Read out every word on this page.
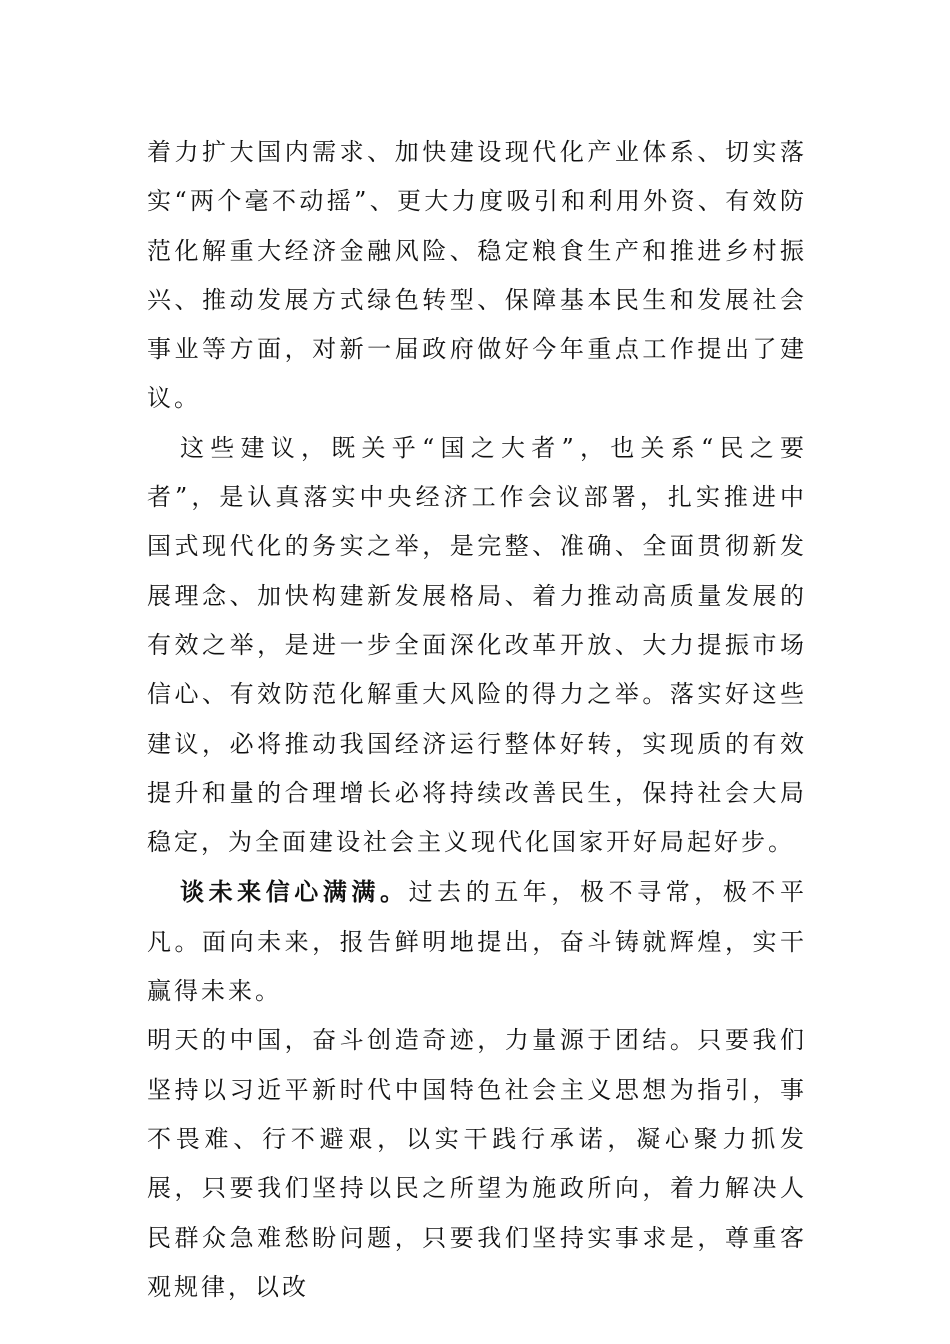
着力扩大国内需求、加快建设现代化产业体系、切实落实“两个毫不动摇”、更大力度吸引和利用外资、有效防范化解重大经济金融风险、稳定粮食生产和推进乡村振兴、推动发展方式绿色转型、保障基本民生和发展社会事业等方面，对新一届政府做好今年重点工作提出了建议。

这些建议，既关乎“国之大者”，也关系“民之要者”，是认真落实中央经济工作会议部署，扎实推进中国式现代化的务实之举，是完整、准确、全面贯彻新发展理念、加快构建新发展格局、着力推动高质量发展的有效之举，是进一步全面深化改革开放、大力提振市场信心、有效防范化解重大风险的得力之举。落实好这些建议，必将推动我国经济运行整体好转，实现质的有效提升和量的合理增长必将持续改善民生，保持社会大局稳定，为全面建设社会主义现代化国家开好局起好步。

谈未来信心满满。过去的五年，极不寻常，极不平凡。面向未来，报告鲜明地提出，奋斗铸就辉煌，实干赢得未来。

明天的中国，奋斗创造奇迹，力量源于团结。只要我们坚持以习近平新时代中国特色社会主义思想为指引，事不畏难、行不避艰，以实干践行承诺，凝心聚力抓发展，只要我们坚持以民之所望为施政所向，着力解决人民群众急难愁盼问题，只要我们坚持实事求是，尊重客观规律，以改
